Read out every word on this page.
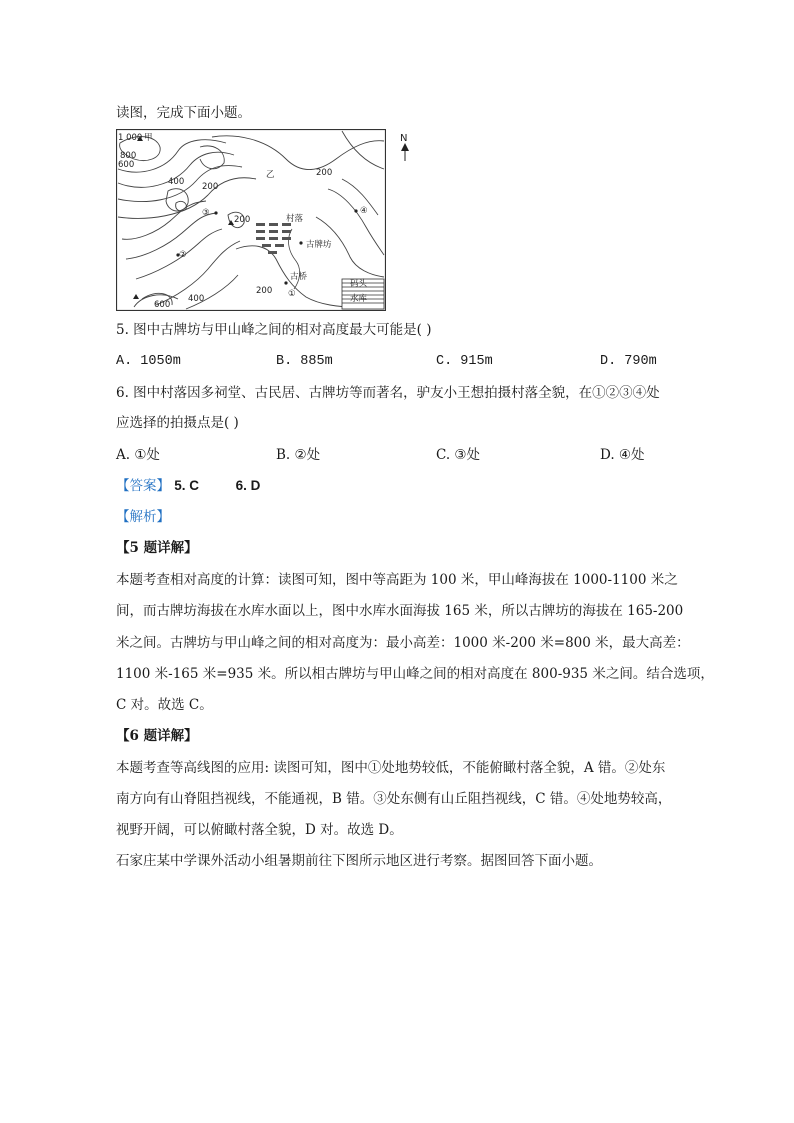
读图，完成下面小题。
1 000 甲
800
600
400 200
200
200
400
600
200
乙
村落
古牌坊
古桥
码头
水库
①
②
③	④
N
5. 图中古牌坊与甲山峰之间的相对高度最大可能是( )
A. 1050m	B. 885m	C. 915m	D. 790m
6. 图中村落因多祠堂、古民居、古牌坊等而著名，驴友小王想拍摄村落全貌，在①②③④处
应选择的拍摄点是( )
A. ①处	B. ②处	C. ③处	D. ④处
【答案】 5. C	6. D
【解析】
【5 题详解】
本题考查相对高度的计算：读图可知，图中等高距为 100 米，甲山峰海拔在 1000-1100 米之
间，而古牌坊海拔在水库水面以上，图中水库水面海拔 165 米，所以古牌坊的海拔在 165-200
米之间。古牌坊与甲山峰之间的相对高度为：最小高差：1000 米-200 米=800 米，最大高差：
1100 米-165 米=935 米。所以相古牌坊与甲山峰之间的相对高度在 800-935 米之间。结合选项，
C 对。故选 C。
【6 题详解】
本题考查等高线图的应用: 读图可知，图中①处地势较低，不能俯瞰村落全貌，A 错。②处东
南方向有山脊阻挡视线，不能通视，B 错。③处东侧有山丘阻挡视线，C 错。④处地势较高，
视野开阔，可以俯瞰村落全貌，D 对。故选 D。
石家庄某中学课外活动小组暑期前往下图所示地区进行考察。据图回答下面小题。
